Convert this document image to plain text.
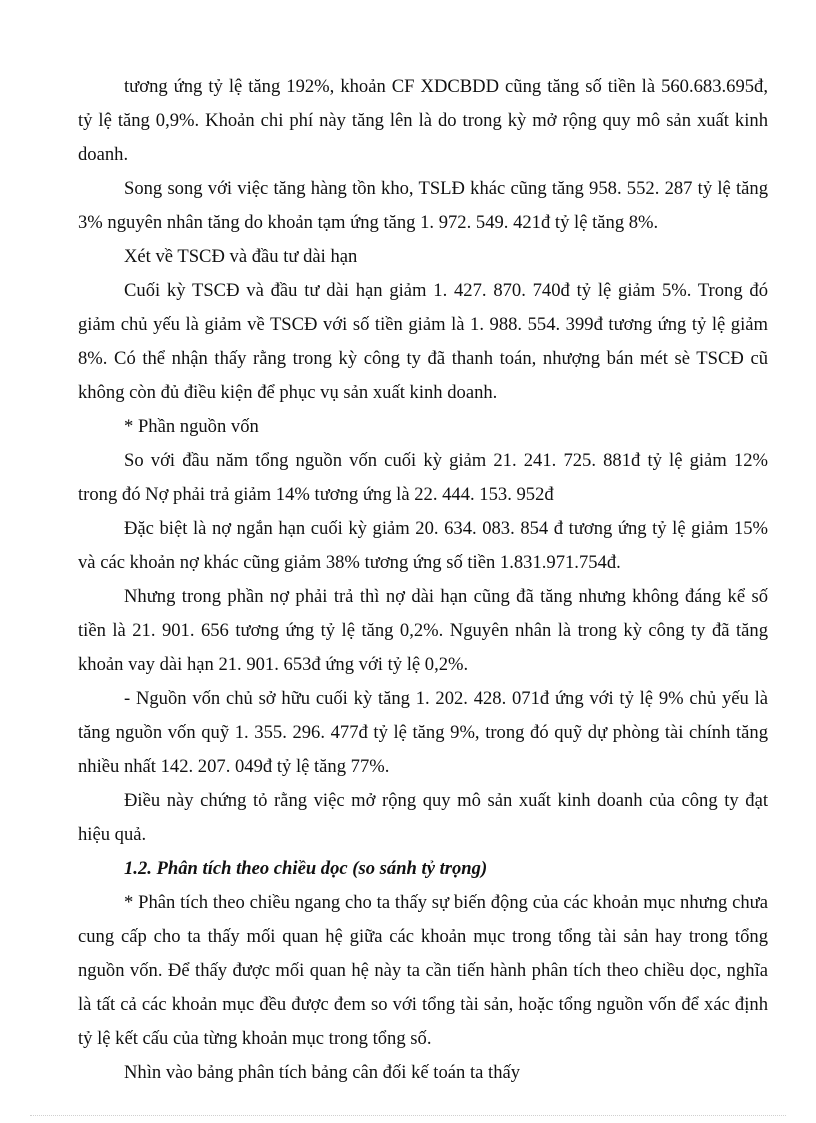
tương ứng tỷ lệ tăng 192%, khoản CF XDCBDD cũng tăng số tiền là 560.683.695đ, tỷ lệ tăng 0,9%. Khoản chi phí này tăng lên là do trong kỳ mở rộng quy mô sản xuất kinh doanh.

Song song với việc tăng hàng tồn kho, TSLĐ khác cũng tăng 958. 552. 287 tỷ lệ tăng 3% nguyên nhân tăng do khoản tạm ứng tăng 1. 972. 549. 421đ tỷ lệ tăng 8%.

Xét về TSCĐ và đầu tư dài hạn

Cuối kỳ TSCĐ và đầu tư dài hạn giảm 1. 427. 870. 740đ tỷ lệ giảm 5%. Trong đó giảm chủ yếu là giảm về TSCĐ với số tiền giảm là 1. 988. 554. 399đ tương ứng tỷ lệ giảm 8%. Có thể nhận thấy rằng trong kỳ công ty đã thanh toán, nhượng bán mét sè TSCĐ cũ không còn đủ điều kiện để phục vụ sản xuất kinh doanh.

* Phần nguồn vốn

So với đầu năm tổng nguồn vốn cuối kỳ giảm 21. 241. 725. 881đ tỷ lệ giảm 12% trong đó Nợ phải trả giảm 14% tương ứng là 22. 444. 153. 952đ

Đặc biệt là nợ ngắn hạn cuối kỳ giảm 20. 634. 083. 854 đ tương ứng tỷ lệ giảm 15% và các khoản nợ khác cũng giảm 38% tương ứng số tiền 1.831.971.754đ.

Nhưng trong phần nợ phải trả thì nợ dài hạn cũng đã tăng nhưng không đáng kể số tiền là 21. 901. 656 tương ứng tỷ lệ tăng 0,2%. Nguyên nhân là trong kỳ công ty đã tăng khoản vay dài hạn 21. 901. 653đ ứng với tỷ lệ 0,2%.

- Nguồn vốn chủ sở hữu cuối kỳ tăng 1. 202. 428. 071đ ứng với tỷ lệ 9% chủ yếu là tăng nguồn vốn quỹ 1. 355. 296. 477đ tỷ lệ tăng 9%, trong đó quỹ dự phòng tài chính tăng nhiều nhất 142. 207. 049đ tỷ lệ tăng 77%.

Điều này chứng tỏ rằng việc mở rộng quy mô sản xuất kinh doanh của công ty đạt hiệu quả.

1.2. Phân tích theo chiều dọc (so sánh tỷ trọng)

* Phân tích theo chiều ngang cho ta thấy sự biến động của các khoản mục nhưng chưa cung cấp cho ta thấy mối quan hệ giữa các khoản mục trong tổng tài sản hay trong tổng nguồn vốn. Để thấy được mối quan hệ này ta cần tiến hành phân tích theo chiều dọc, nghĩa là tất cả các khoản mục đều được đem so với tổng tài sản, hoặc tổng nguồn vốn để xác định tỷ lệ kết cấu của từng khoản mục trong tổng số.

Nhìn vào bảng phân tích bảng cân đối kế toán ta thấy
